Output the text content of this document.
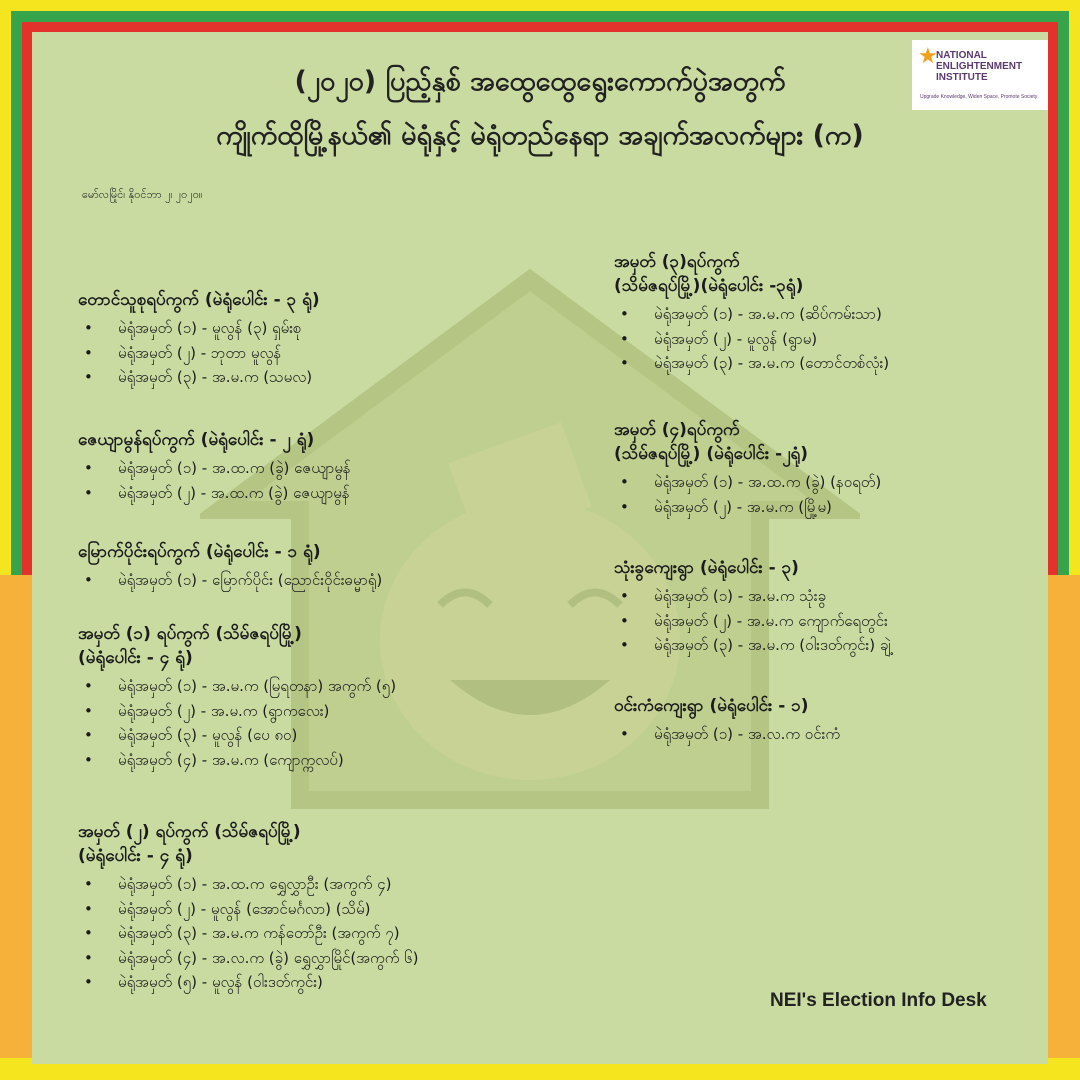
(၂၀၂၀) ပြည့်နှစ် အထွေထွေရွေးကောက်ပွဲအတွက်
ကျိုက်ထိုမြို့နယ်၏ မဲရုံနှင့် မဲရုံတည်နေရာ အချက်အလက်များ (က)
မော်လမြိုင်၊ နိုဝင်ဘာ ၂၊ ၂၀၂၀။
★
NATIONAL
ENLIGHTENMENT
INSTITUTE
Upgrade Knowledge, Widen Space, Promote Society
တောင်သူစုရပ်ကွက် (မဲရုံပေါင်း - ၃ ရုံ)
• မဲရုံအမှတ် (၁) - မူလွန် (၃) ရှမ်းစု
• မဲရုံအမှတ် (၂) - ဘုတာ မူလွန်
• မဲရုံအမှတ် (၃) - အ.မ.က (သမလ)
ဇေယျာမွန်ရပ်ကွက် (မဲရုံပေါင်း - ၂ ရုံ)
• မဲရုံအမှတ် (၁) - အ.ထ.က (ခွဲ) ဇေယျာမွန်
• မဲရုံအမှတ် (၂) - အ.ထ.က (ခွဲ) ဇေယျာမွန်
မြောက်ပိုင်းရပ်ကွက် (မဲရုံပေါင်း - ၁ ရုံ)
• မဲရုံအမှတ် (၁) - မြောက်ပိုင်း (ညောင်းဝိုင်းဓမ္မာရုံ)
အမှတ် (၁) ရပ်ကွက် (သိမ်ဇရပ်မြို့)
(မဲရုံပေါင်း - ၄ ရုံ)
• မဲရုံအမှတ် (၁) - အ.မ.က (မြရတနာ) အကွက် (၅)
• မဲရုံအမှတ် (၂) - အ.မ.က (ရွာကလေး)
• မဲရုံအမှတ် (၃) - မူလွန် (ပေ ၈၀)
• မဲရုံအမှတ် (၄) - အ.မ.က (ကျောက္ကလပ်)
အမှတ် (၂) ရပ်ကွက် (သိမ်ဇရပ်မြို့)
(မဲရုံပေါင်း - ၄ ရုံ)
• မဲရုံအမှတ် (၁) - အ.ထ.က ရွှေလွှာဦး (အကွက် ၄)
• မဲရုံအမှတ် (၂) - မူလွန် (အောင်မင်္ဂလာ) (သိမ်)
• မဲရုံအမှတ် (၃) - အ.မ.က ကန်တော်ဦး (အကွက် ၇)
• မဲရုံအမှတ် (၄) - အ.လ.က (ခွဲ) ရွှေလွှာမြိုင်(အကွက် ၆)
• မဲရုံအမှတ် (၅) - မူလွန် (ဝါးဒတ်ကွင်း)
အမှတ် (၃)ရပ်ကွက်
(သိမ်ဇရပ်မြို့)(မဲရုံပေါင်း -၃ရုံ)
• မဲရုံအမှတ် (၁) - အ.မ.က (ဆိပ်ကမ်းသာ)
• မဲရုံအမှတ် (၂) - မူလွန် (ရွာမ)
• မဲရုံအမှတ် (၃) - အ.မ.က (တောင်တစ်လုံး)
အမှတ် (၄)ရပ်ကွက်
(သိမ်ဇရပ်မြို့) (မဲရုံပေါင်း -၂ရုံ)
• မဲရုံအမှတ် (၁) - အ.ထ.က (ခွဲ) (နဝရတ်)
• မဲရုံအမှတ် (၂) - အ.မ.က (မြို့မ)
သုံးခွကျေးရွာ (မဲရုံပေါင်း - ၃)
• မဲရုံအမှတ် (၁) - အ.မ.က သုံးခွ
• မဲရုံအမှတ် (၂) - အ.မ.က ကျောက်ရေတွင်း
• မဲရုံအမှတ် (၃) - အ.မ.က (ဝါးဒတ်ကွင်း) ချဲ့
ဝင်းကံကျေးရွာ (မဲရုံပေါင်း - ၁)
• မဲရုံအမှတ် (၁) - အ.လ.က ဝင်းကံ
NEI's Election Info Desk
